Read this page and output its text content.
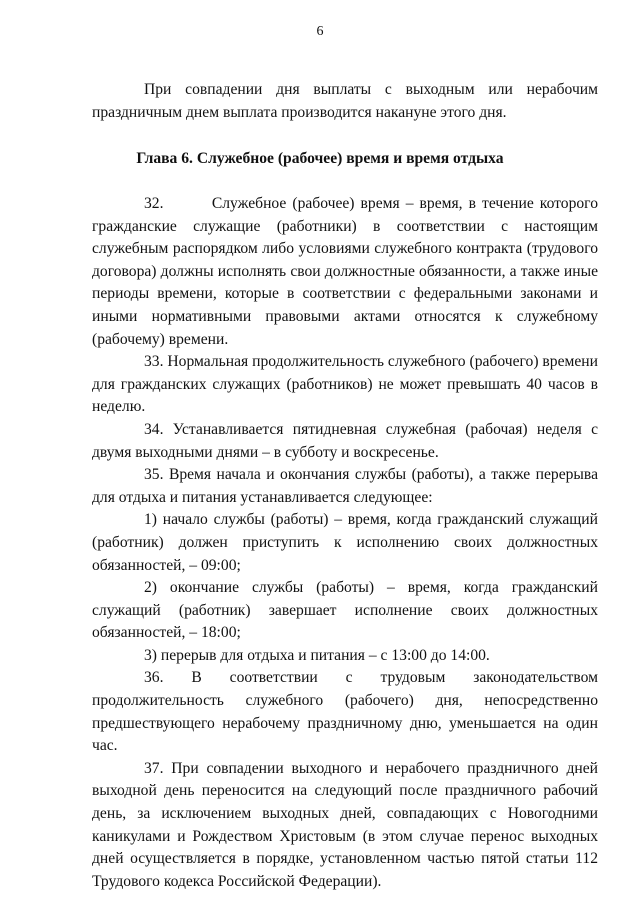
6

При совпадении дня выплаты с выходным или нерабочим праздничным днем выплата производится накануне этого дня.

Глава 6. Служебное (рабочее) время и время отдыха

32.        Служебное (рабочее) время – время, в течение которого гражданские служащие (работники) в соответствии с настоящим служебным распорядком либо условиями служебного контракта (трудового договора) должны исполнять свои должностные обязанности, а также иные периоды времени, которые в соответствии с федеральными законами и иными нормативными правовыми актами относятся к служебному (рабочему) времени.

33. Нормальная продолжительность служебного (рабочего) времени для гражданских служащих (работников) не может превышать 40 часов в неделю.

34. Устанавливается пятидневная служебная (рабочая) неделя с двумя выходными днями – в субботу и воскресенье.

35. Время начала и окончания службы (работы), а также перерыва для отдыха и питания устанавливается следующее:

1) начало службы (работы) – время, когда гражданский служащий (работник) должен приступить к исполнению своих должностных обязанностей, – 09:00;

2) окончание службы (работы) – время, когда гражданский служащий (работник) завершает исполнение своих должностных обязанностей, – 18:00;

3) перерыв для отдыха и питания – с 13:00 до 14:00.

36. В соответствии с трудовым законодательством продолжительность служебного (рабочего) дня, непосредственно предшествующего нерабочему праздничному дню, уменьшается на один час.

37. При совпадении выходного и нерабочего праздничного дней выходной день переносится на следующий после праздничного рабочий день, за исключением выходных дней, совпадающих с Новогодними каникулами и Рождеством Христовым (в этом случае перенос выходных дней осуществляется в порядке, установленном частью пятой статьи 112 Трудового кодекса Российской Федерации).
